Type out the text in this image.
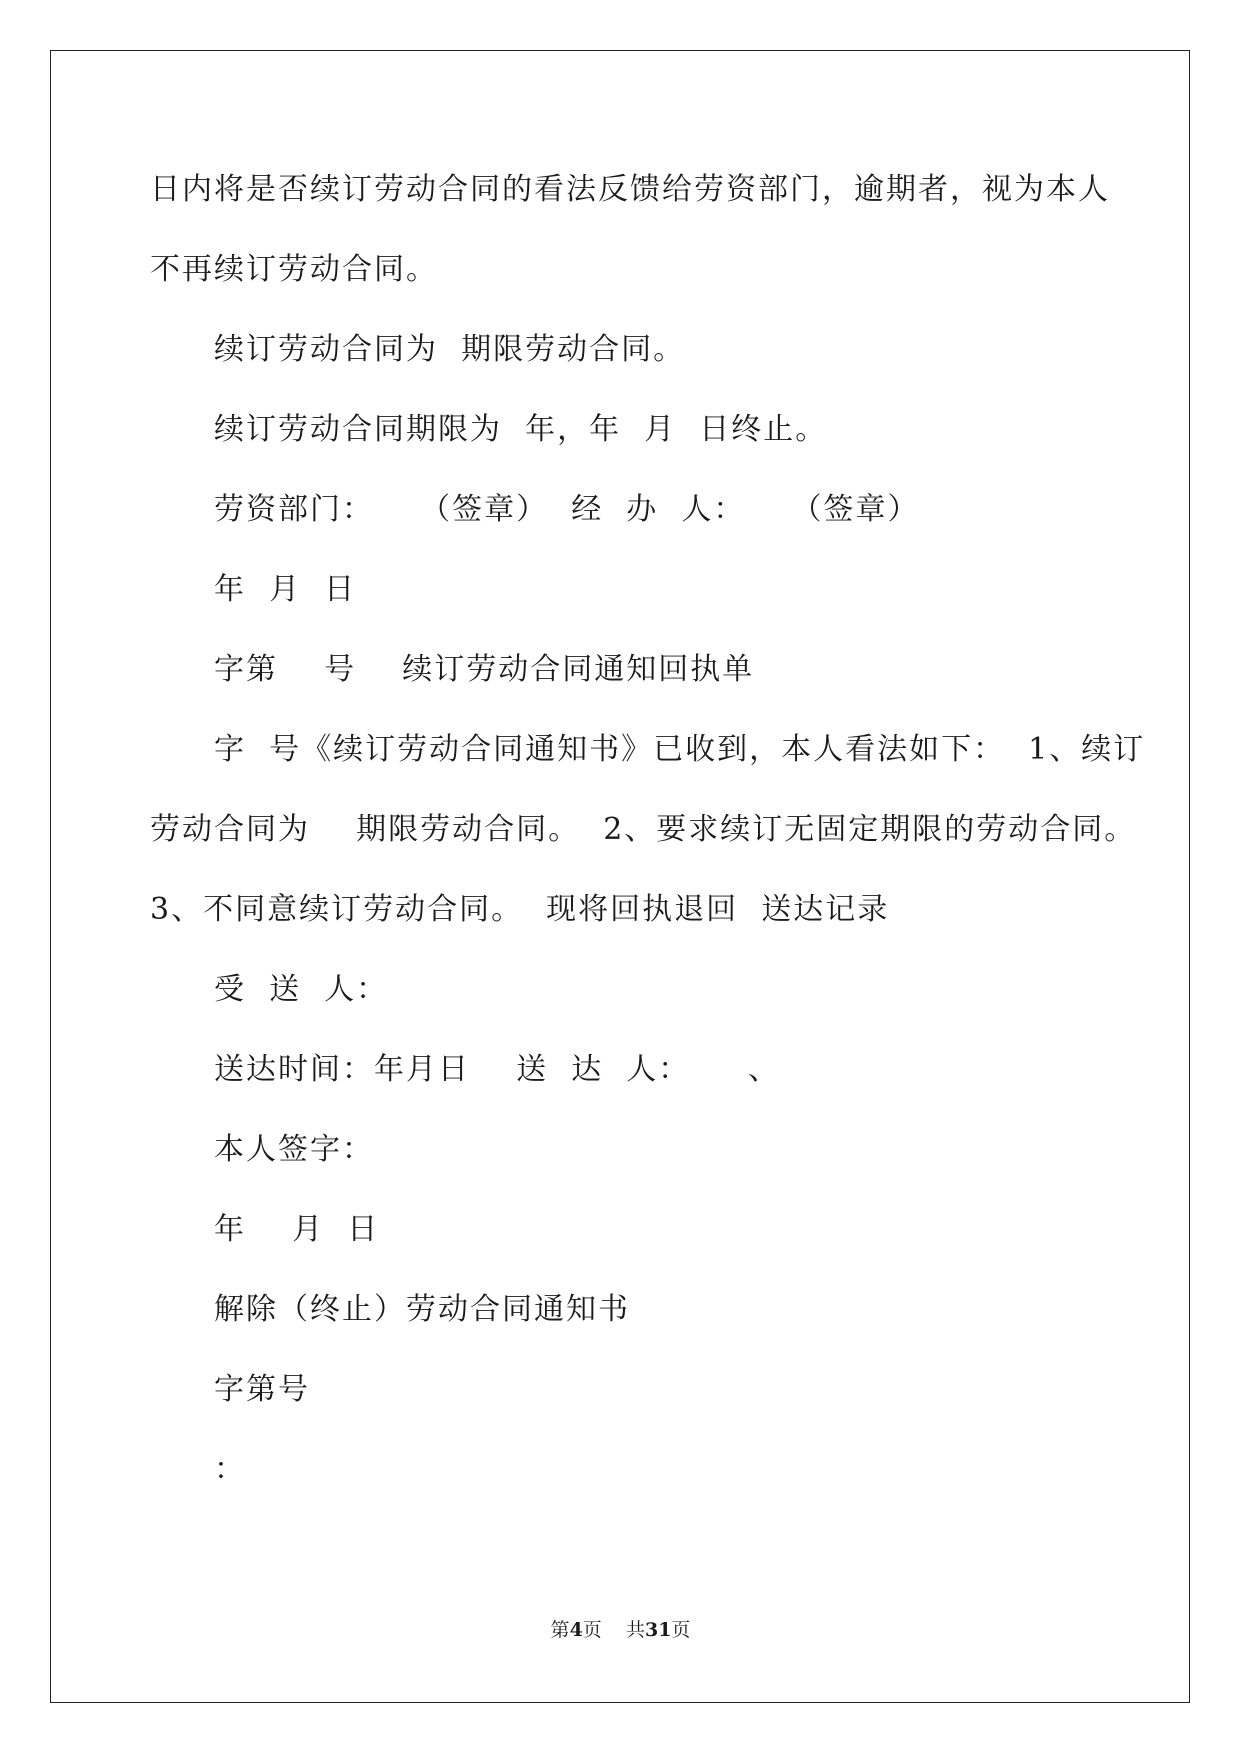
日内将是否续订劳动合同的看法反馈给劳资部门，逾期者，视为本人
不再续订劳动合同。
续订劳动合同为  期限劳动合同。
续订劳动合同期限为  年，年  月  日终止。
劳资部门：    （签章）  经  办  人：    （签章）
年  月  日
字第    号    续订劳动合同通知回执单
字  号《续订劳动合同通知书》已收到，本人看法如下：  1、续订
劳动合同为    期限劳动合同。  2、要求续订无固定期限的劳动合同。
3、不同意续订劳动合同。  现将回执退回  送达记录
受  送  人：
送达时间：年月日    送  达  人：     、
本人签字：
年    月  日
解除（终止）劳动合同通知书
字第号
：
第4页    共31页
